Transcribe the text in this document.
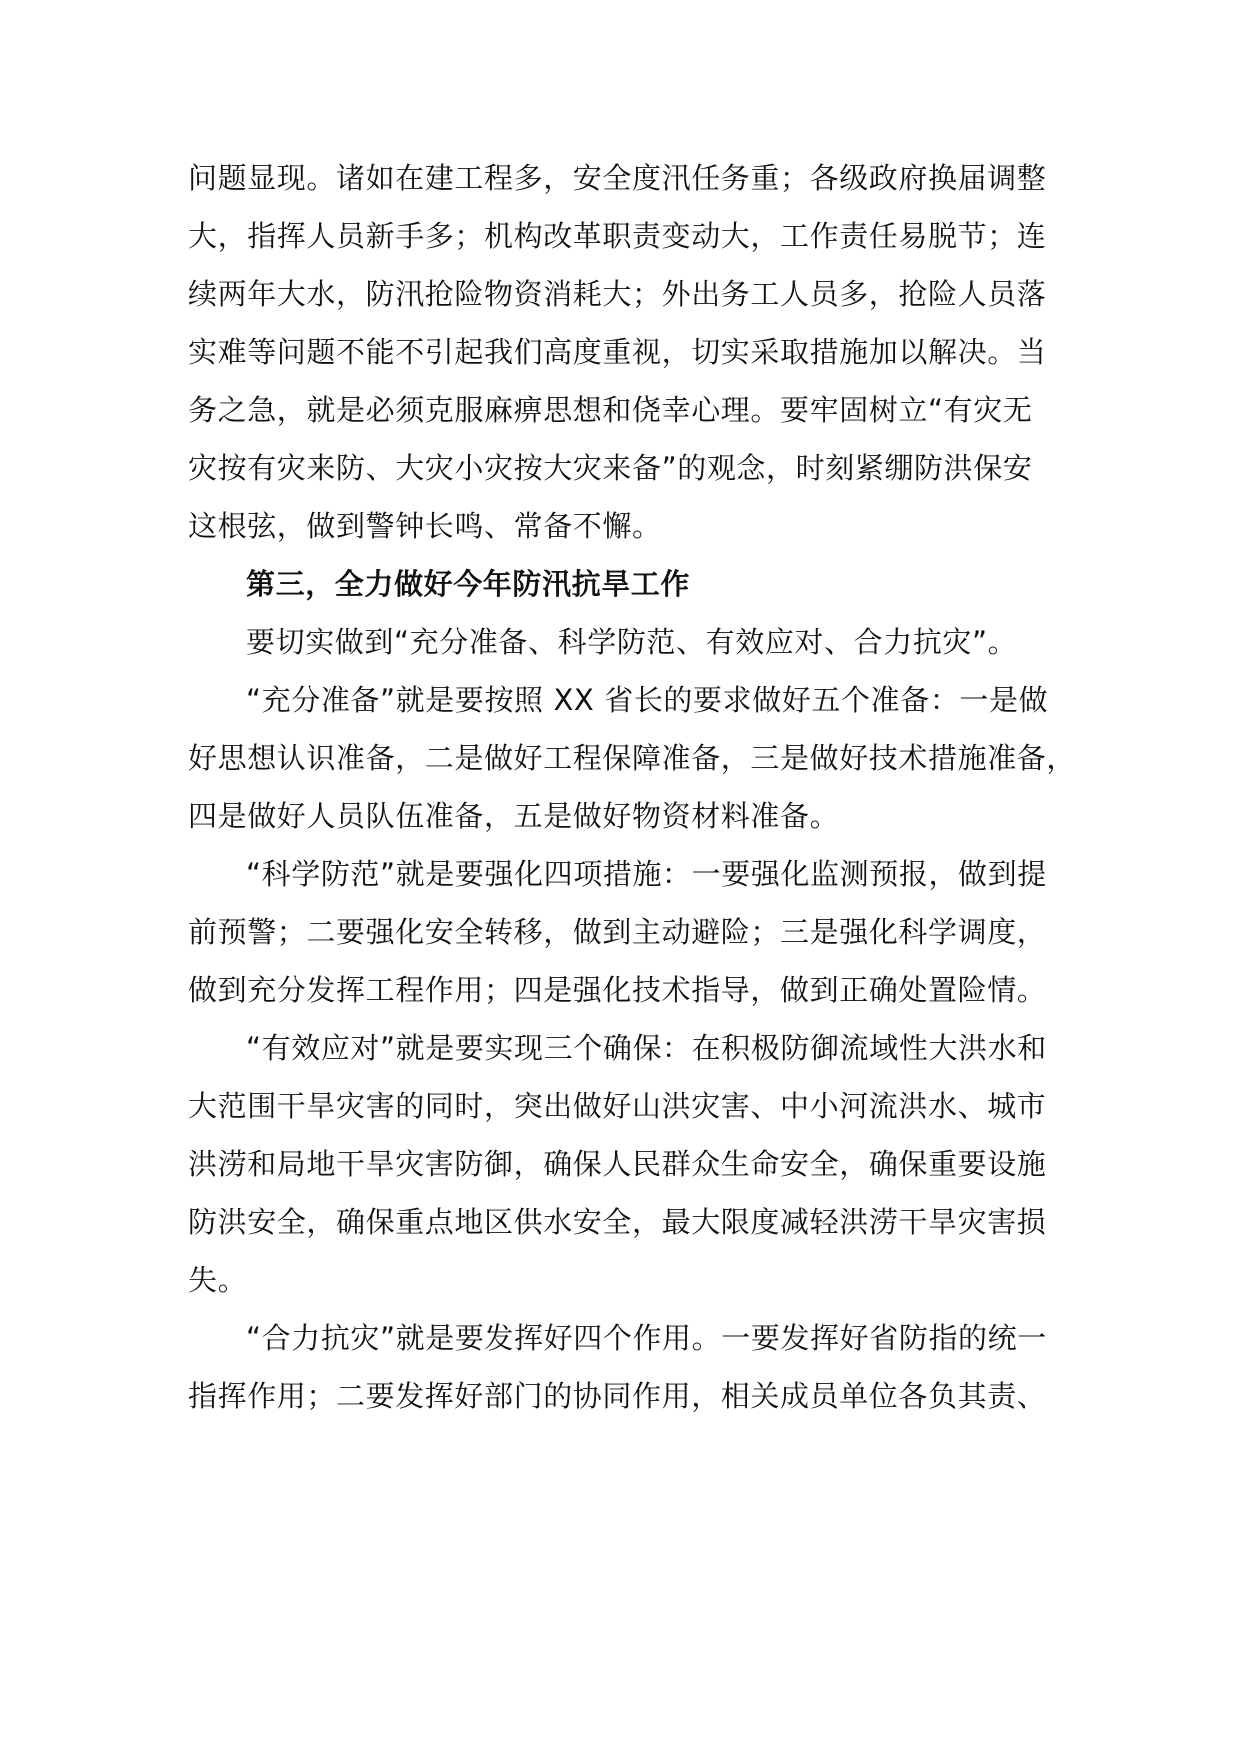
问题显现。诸如在建工程多，安全度汛任务重；各级政府换届调整
大，指挥人员新手多；机构改革职责变动大，工作责任易脱节；连
续两年大水，防汛抢险物资消耗大；外出务工人员多，抢险人员落
实难等问题不能不引起我们高度重视，切实采取措施加以解决。当
务之急，就是必须克服麻痹思想和侥幸心理。要牢固树立“有灾无
灾按有灾来防、大灾小灾按大灾来备”的观念，时刻紧绷防洪保安
这根弦，做到警钟长鸣、常备不懈。
第三，全力做好今年防汛抗旱工作
要切实做到“充分准备、科学防范、有效应对、合力抗灾”。
“充分准备”就是要按照 XX 省长的要求做好五个准备：一是做
好思想认识准备，二是做好工程保障准备，三是做好技术措施准备，
四是做好人员队伍准备，五是做好物资材料准备。
“科学防范”就是要强化四项措施：一要强化监测预报，做到提
前预警；二要强化安全转移，做到主动避险；三是强化科学调度，
做到充分发挥工程作用；四是强化技术指导，做到正确处置险情。
“有效应对”就是要实现三个确保：在积极防御流域性大洪水和
大范围干旱灾害的同时，突出做好山洪灾害、中小河流洪水、城市
洪涝和局地干旱灾害防御，确保人民群众生命安全，确保重要设施
防洪安全，确保重点地区供水安全，最大限度减轻洪涝干旱灾害损
失。
“合力抗灾”就是要发挥好四个作用。一要发挥好省防指的统一
指挥作用；二要发挥好部门的协同作用，相关成员单位各负其责、
